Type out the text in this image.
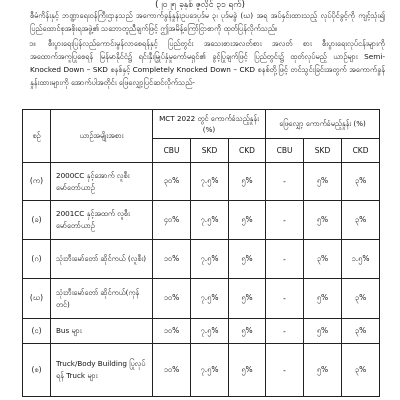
(၂၀၂၅ ခုနှစ် ဇူလိုင် ၃၁ ရက်)
စီမံကိန်းနှင့် ဘဏ္ဍာရေးဝန်ကြီးဌာနသည် အကောက်ခွန်နှုန်းဥပဒေပုဒ်မ ၃၊ ပုဒ်မခွဲ (ဃ) အရ အပ်နှင်းထားသည့် လုပ်ပိုင်ခွင့်ကို ကျင့်သုံး၍ ပြည်ထောင်စုအစိုးရအဖွဲ့၏ သဘောတူညီချက်ဖြင့် ဤအမိန့်ကြော်ငြာစာကို ထုတ်ပြန်လိုက်သည်။
၁။	စီးပွားရေးပြန်လည်ကောင်းမွန်လာစေရန်နှင့် ပြည်တွင်း အသေးစားအလတ်စား အလတ် စား စီးပွားရေးလုပ်ငန်းများကို အထောက်အကူပြုစေရန် မြန်မာနိုင်ငံ၌ ရင်းနှီးမြှုပ်နှံမှုကော်မရှင်၏ ခွင့်ပြုချက်ဖြင့် ပြည်တွင်း၌ ထုတ်လုပ်မည့် ယာဉ်များ Semi-Knocked Down – SKD စနစ်နှင့် Completely Knocked Down – CKD စနစ်တို့ဖြင့် တင်သွင်းခြင်းအတွက် အကောက်ခွန်နှုန်းထားများကို အောက်ပါအတိုင်း ဖြေလျှော့ပြင်ဆင်လိုက်သည်-
စဉ်	ယာဉ်အမျိုးအစား	MCT 2022 တွင် ကောက်ခံသည့်နှုန်း (%)			ဖြေလျှော့ ကောက်ခံမည့်နှုန်း (%)		
		CBU	SKD	CKD	CBU	SKD	CKD
(က)	2000CC နှင့်အောက် လူစီးမော်တော်ယာဉ်	၃၀%	၇.၅%	၅%	-	၅%	၃%
(ခ)	2001CC နှင့်အထက် လူစီးမော်တော်ယာဉ်	၄၀%	၇.၅%	၅%	-	၅%	၃%
(ဂ)	သုံးဘီးမော်တော် ဆိုင်ကယ် (လူစီး)	၁၀%	၇.၅%	၅%	-	၃%	၁.၅%
(ဃ)	သုံးဘီးမော်တော် ဆိုင်ကယ်(ကုန်တင်)	၁၀%	၇.၅%	၅%	-	၅%	၃%
(င)	Bus များ	၁၀%	၇.၅%	၅%	-	၅%	၃%
(စ)	Truck/Body Building ပြုလုပ်ရန် Truck များ	၁၀%	၇.၅%	၅%	-	၅%	၃%
